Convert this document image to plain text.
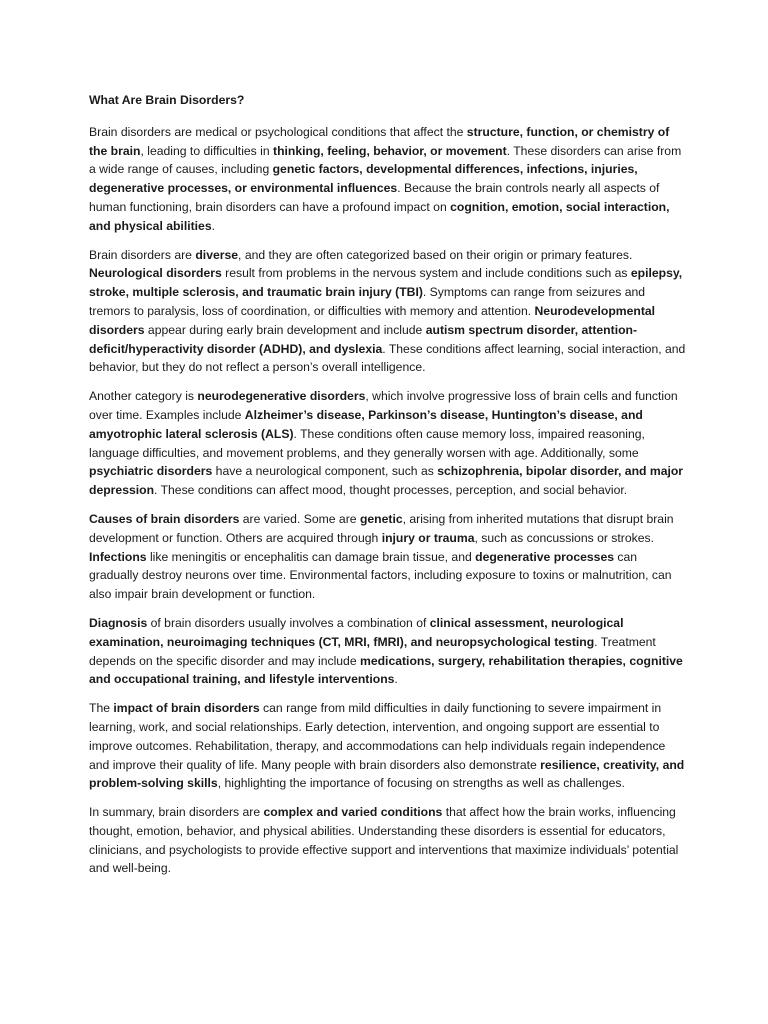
What Are Brain Disorders?

Brain disorders are medical or psychological conditions that affect the structure, function, or chemistry of the brain, leading to difficulties in thinking, feeling, behavior, or movement. These disorders can arise from a wide range of causes, including genetic factors, developmental differences, infections, injuries, degenerative processes, or environmental influences. Because the brain controls nearly all aspects of human functioning, brain disorders can have a profound impact on cognition, emotion, social interaction, and physical abilities.

Brain disorders are diverse, and they are often categorized based on their origin or primary features. Neurological disorders result from problems in the nervous system and include conditions such as epilepsy, stroke, multiple sclerosis, and traumatic brain injury (TBI). Symptoms can range from seizures and tremors to paralysis, loss of coordination, or difficulties with memory and attention. Neurodevelopmental disorders appear during early brain development and include autism spectrum disorder, attention-deficit/hyperactivity disorder (ADHD), and dyslexia. These conditions affect learning, social interaction, and behavior, but they do not reflect a person’s overall intelligence.

Another category is neurodegenerative disorders, which involve progressive loss of brain cells and function over time. Examples include Alzheimer’s disease, Parkinson’s disease, Huntington’s disease, and amyotrophic lateral sclerosis (ALS). These conditions often cause memory loss, impaired reasoning, language difficulties, and movement problems, and they generally worsen with age. Additionally, some psychiatric disorders have a neurological component, such as schizophrenia, bipolar disorder, and major depression. These conditions can affect mood, thought processes, perception, and social behavior.

Causes of brain disorders are varied. Some are genetic, arising from inherited mutations that disrupt brain development or function. Others are acquired through injury or trauma, such as concussions or strokes. Infections like meningitis or encephalitis can damage brain tissue, and degenerative processes can gradually destroy neurons over time. Environmental factors, including exposure to toxins or malnutrition, can also impair brain development or function.

Diagnosis of brain disorders usually involves a combination of clinical assessment, neurological examination, neuroimaging techniques (CT, MRI, fMRI), and neuropsychological testing. Treatment depends on the specific disorder and may include medications, surgery, rehabilitation therapies, cognitive and occupational training, and lifestyle interventions.

The impact of brain disorders can range from mild difficulties in daily functioning to severe impairment in learning, work, and social relationships. Early detection, intervention, and ongoing support are essential to improve outcomes. Rehabilitation, therapy, and accommodations can help individuals regain independence and improve their quality of life. Many people with brain disorders also demonstrate resilience, creativity, and problem-solving skills, highlighting the importance of focusing on strengths as well as challenges.

In summary, brain disorders are complex and varied conditions that affect how the brain works, influencing thought, emotion, behavior, and physical abilities. Understanding these disorders is essential for educators, clinicians, and psychologists to provide effective support and interventions that maximize individuals’ potential and well-being.
